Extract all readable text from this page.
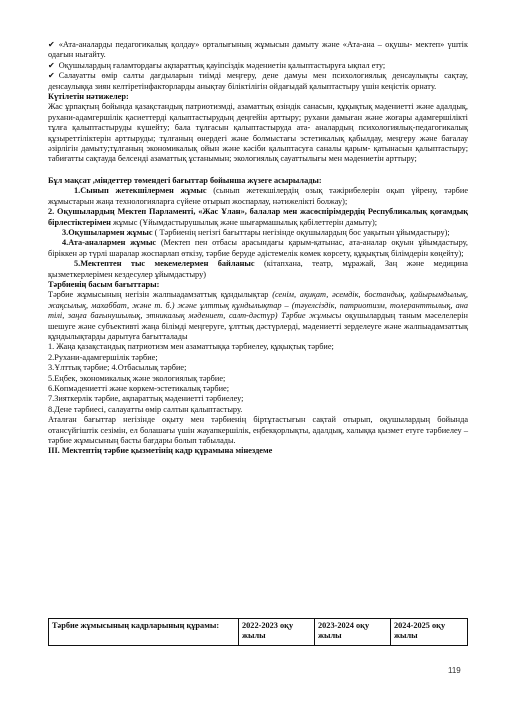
✔ «Ата-аналарды педагогикалық қолдау» орталығының жұмысын дамыту және «Ата-ана – оқушы- мектеп» үштік одағын нығайту.

✔ Оқушылардың ғаламтордағы ақпараттық қауіпсіздік мәдениетін қалыптастыруға ықпал ету;

✔ Салауатты өмір салты дағдыларын тиімді меңгеру, дене дамуы мен психологиялық денсаулықты сақтау, денсаулыққа зиян келтіретінфакторларды анықтау біліктілігін ойдағыдай қалыптастыру үшін кеңістік орнату.

Күтілетін нәтижелер:

Жас ұрпақтың бойында қазақстандық патриотизмді, азаматтық өзіндік санасын, құқықтық мәдениетті және адалдық, рухани-адамгершілік қасиеттерді қалыптастырудың деңгейін арттыру; рухани дамыған және жоғары адамгершілікті тұлға қалыптастыруды күшейту; бала тұлғасын қалыптастыруда ата- аналардың психологиялық-педагогикалық құзыреттіліктерін арттыруды; тұлғаның өнердегі және болмыстағы эстетикалық қабылдау, меңгеру және бағалау әзірлігін дамыту;тұлғаның экономикалық ойын және кәсіби қалыптасуға саналы қарым- қатынасын қалыптастыру; табиғатты сақтауда белсенді азаматтық ұстанымын; экологиялық сауаттылығы мен мәдениетін арттыру;

Бұл мақсат ,міндеттер төмендегі бағыттар бойынша жүзеге асырылады:

1.Сынып жетекшілермен жұмыс (сынып жетекшілердің озық тәжірибелерін оқып үйрену, тәрбие жұмыстарын жаңа технологияларға сүйене отырып жоспарлау, нәтижелікті болжау);

2. Оқушылардың Мектеп Парламенті, «Жас Ұлан», балалар мен жасөспірімдердің Республикалық қоғамдық бірлестіктерімен жұмыс (Ұйымдастырушылық және шығармашылық қабілеттерін дамыту);

3.Оқушылармен жұмыс ( Тәрбиенің негізгі бағыттары негізінде оқушылардың бос уақытын ұйымдастыру);

4.Ата-аналармен жұмыс (Мектеп пен отбасы арасындағы қарым-қатынас, ата-аналар оқуын ұйымдастыру, біріккен әр түрлі шаралар жоспарлап өткізу, тәрбие беруде әдістемелік көмек көрсету, құқықтық білімдерін көңейту);

5.Мектептен тыс мекемелермен байланыс (кітапхана, театр, мұражай, Заң және медицина қызметкерлерімен кездесулер ұйымдастыру)

Тәрбиенің басым бағыттары:

Тәрбие жұмысының негізін жалпыадамзаттық құндылықтар (сенім, ақиқат, әсемдік, бостандық, қайырымдылық, жақсылық, махаббат, және т. б.) және ұлттық құндылықтар – (тәуелсіздік, патриотизм, толеранттылық, ана тілі, заңға бағынушылық, этникалық мәдениет, салт-дәстүр) Тәрбие жұмысы оқушылардың таным мәселелерін шешуге және субъективті жаңа білімді меңгеруге, ұлттық дәстүрлерді, мәдениетті зерделеуге және жалпыадамзаттық құндылықтарды дарытуға бағытталады

1. Жаңа қазақстандық патриотизм мен азаматтыққа тәрбиелеу, құқықтық тәрбие;

2.Рухани-адамгершілік тәрбие;

3.Ұлттық тәрбие; 4.Отбасылық тәрбие;

5.Еңбек, экономикалық және экологиялық тәрбие;

6.Көпмәдениетті және көркем-эстетикалық тәрбие;

7.Зияткерлік тәрбие, ақпараттық мәдениетті тәрбиелеу;

8.Дене тәрбиесі, салауатты өмір салтын қалыптастыру.

Аталған бағыттар негізінде оқыту мен тәрбиенің біртұтастығын сақтай отырып, оқушылардың бойында отансүйгіштік сезімін, ел болашағы үшін жауапкершілік, еңбекқорлықты, адалдық, халыққа қызмет етуге тәрбиелеу –тәрбие жұмысының басты бағдары болып табылады.

ІІІ. Мектептің тәрбие қызметінің кадр құрамына мінездеме

Тәрбие жұмысының кадрларының құрамы:	2022-2023 оқу жылы
2023-2024 оқу жылы
2024-2025 оқу жылы
119
